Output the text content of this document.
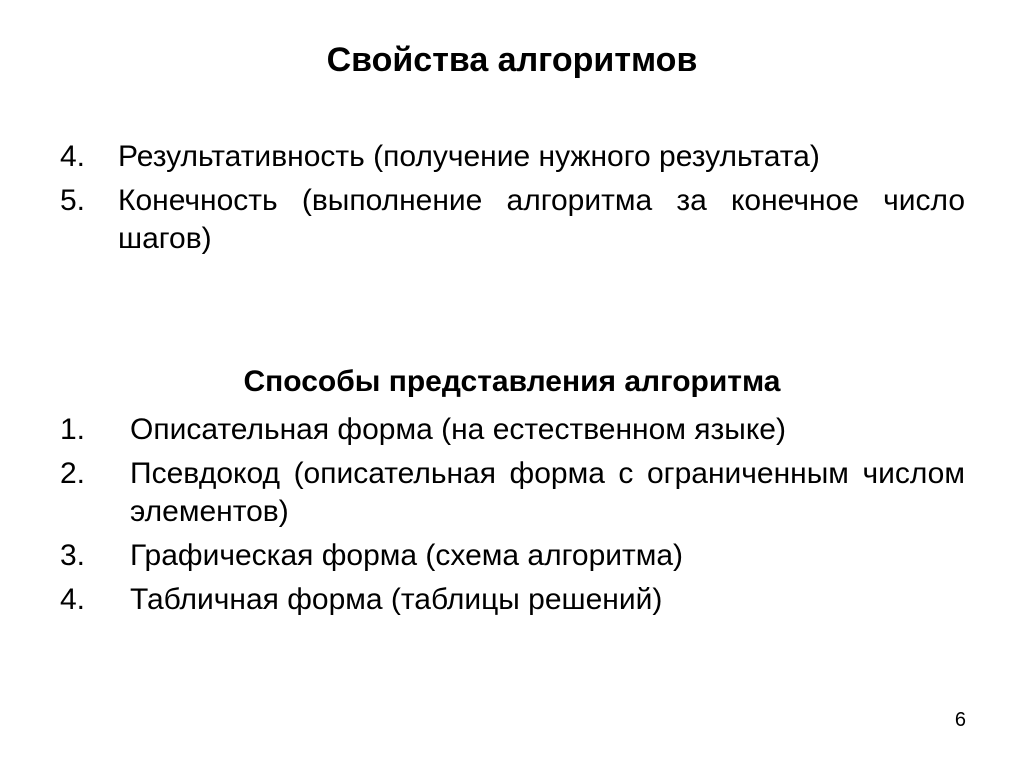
Свойства алгоритмов
4. Результативность (получение нужного результата)
5. Конечность (выполнение алгоритма за конечное число шагов)
Способы представления алгоритма
1. Описательная форма (на естественном языке)
2. Псевдокод (описательная форма с ограниченным числом элементов)
3. Графическая форма (схема алгоритма)
4. Табличная форма (таблицы решений)
6
